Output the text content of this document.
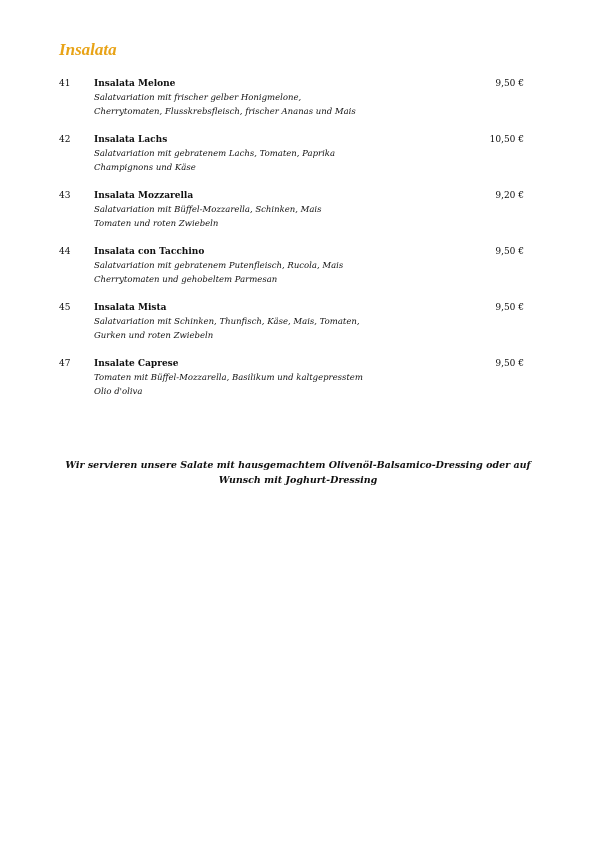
Insalata
41	Insalata Melone	9,50 €
Salatvariation mit frischer gelber Honigmelone,
Cherrytomaten, Flusskrebsfleisch, frischer Ananas und Mais
42	Insalata Lachs	10,50 €
Salatvariation mit gebratenem Lachs, Tomaten, Paprika
Champignons und Käse
43	Insalata Mozzarella	9,20 €
Salatvariation mit Büffel-Mozzarella, Schinken, Mais
Tomaten und roten Zwiebeln
44	Insalata con Tacchino	9,50 €
Salatvariation mit gebratenem Putenfleisch, Rucola, Mais
Cherrytomaten und gehobeltem Parmesan
45	Insalata Mista	9,50 €
Salatvariation mit Schinken, Thunfisch, Käse, Mais, Tomaten,
Gurken und roten Zwiebeln
47	Insalate Caprese	9,50 €
Tomaten mit Büffel-Mozzarella, Basilikum und kaltgepresstem
Olio d'oliva
Wir servieren unsere Salate mit hausgemachtem Olivenöl-Balsamico-Dressing oder auf
Wunsch mit Joghurt-Dressing
